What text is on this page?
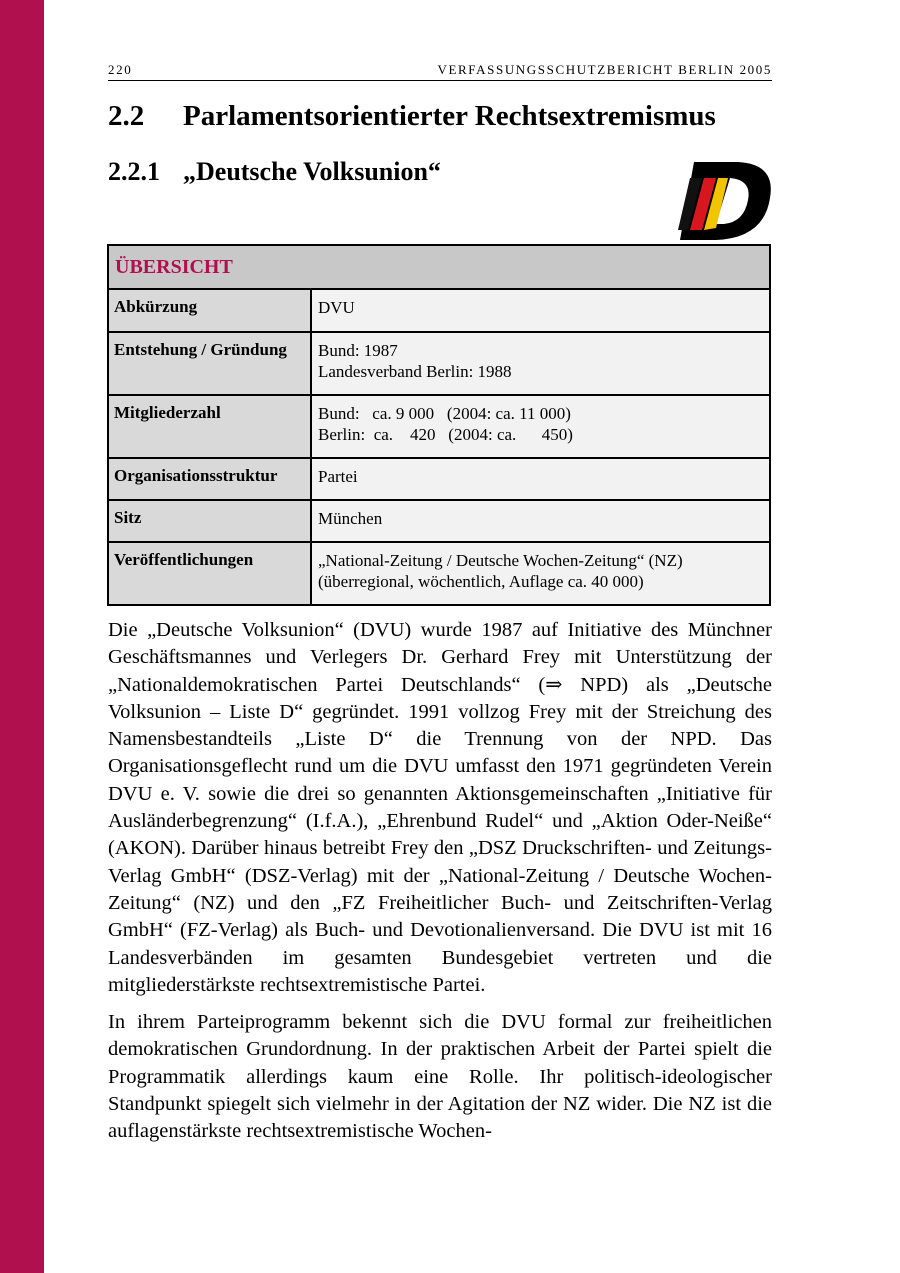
220	VERFASSUNGSSCHUTZBERICHT BERLIN 2005
2.2	Parlamentsorientierter Rechtsextremismus
2.2.1 „Deutsche Volksunion“
ÜBERSICHT	
Abkürzung	DVU

Entstehung / Gründung	Bund: 1987
Landesverband Berlin: 1988

Mitgliederzahl	Bund:   ca. 9 000   (2004: ca. 11 000)
Berlin:  ca.    420   (2004: ca.      450)

Organisationsstruktur	Partei

Sitz	München

Veröffentlichungen	„National-Zeitung / Deutsche Wochen-Zeitung“ (NZ)
(überregional, wöchentlich, Auflage ca. 40 000)

Die „Deutsche Volksunion“ (DVU) wurde 1987 auf Initiative des Münchner Geschäftsmannes und Verlegers Dr. Gerhard Frey mit Unterstützung der „Nationaldemokratischen Partei Deutschlands“ (⇒ NPD) als „Deutsche Volksunion – Liste D“ gegründet. 1991 vollzog Frey mit der Streichung des Namensbestandteils „Liste D“ die Trennung von der NPD. Das Organisationsgeflecht rund um die DVU umfasst den 1971 gegründeten Verein DVU e. V. sowie die drei so genannten Aktionsgemeinschaften „Initiative für Ausländerbegrenzung“ (I.f.A.), „Ehrenbund Rudel“ und „Aktion Oder-Neiße“ (AKON). Darüber hinaus betreibt Frey den „DSZ Druckschriften- und Zeitungs-Verlag GmbH“ (DSZ-Verlag) mit der „National-Zeitung / Deutsche Wochen-Zeitung“ (NZ) und den „FZ Freiheitlicher Buch- und Zeitschriften-Verlag GmbH“ (FZ-Verlag) als Buch- und Devotionalienversand. Die DVU ist mit 16 Landesverbänden im gesamten Bundesgebiet vertreten und die mitgliederstärkste rechtsextremistische Partei.

In ihrem Parteiprogramm bekennt sich die DVU formal zur freiheitlichen demokratischen Grundordnung. In der praktischen Arbeit der Partei spielt die Programmatik allerdings kaum eine Rolle. Ihr politisch-ideologischer Standpunkt spiegelt sich vielmehr in der Agitation der NZ wider. Die NZ ist die auflagenstärkste rechtsextremistische Wochen-
